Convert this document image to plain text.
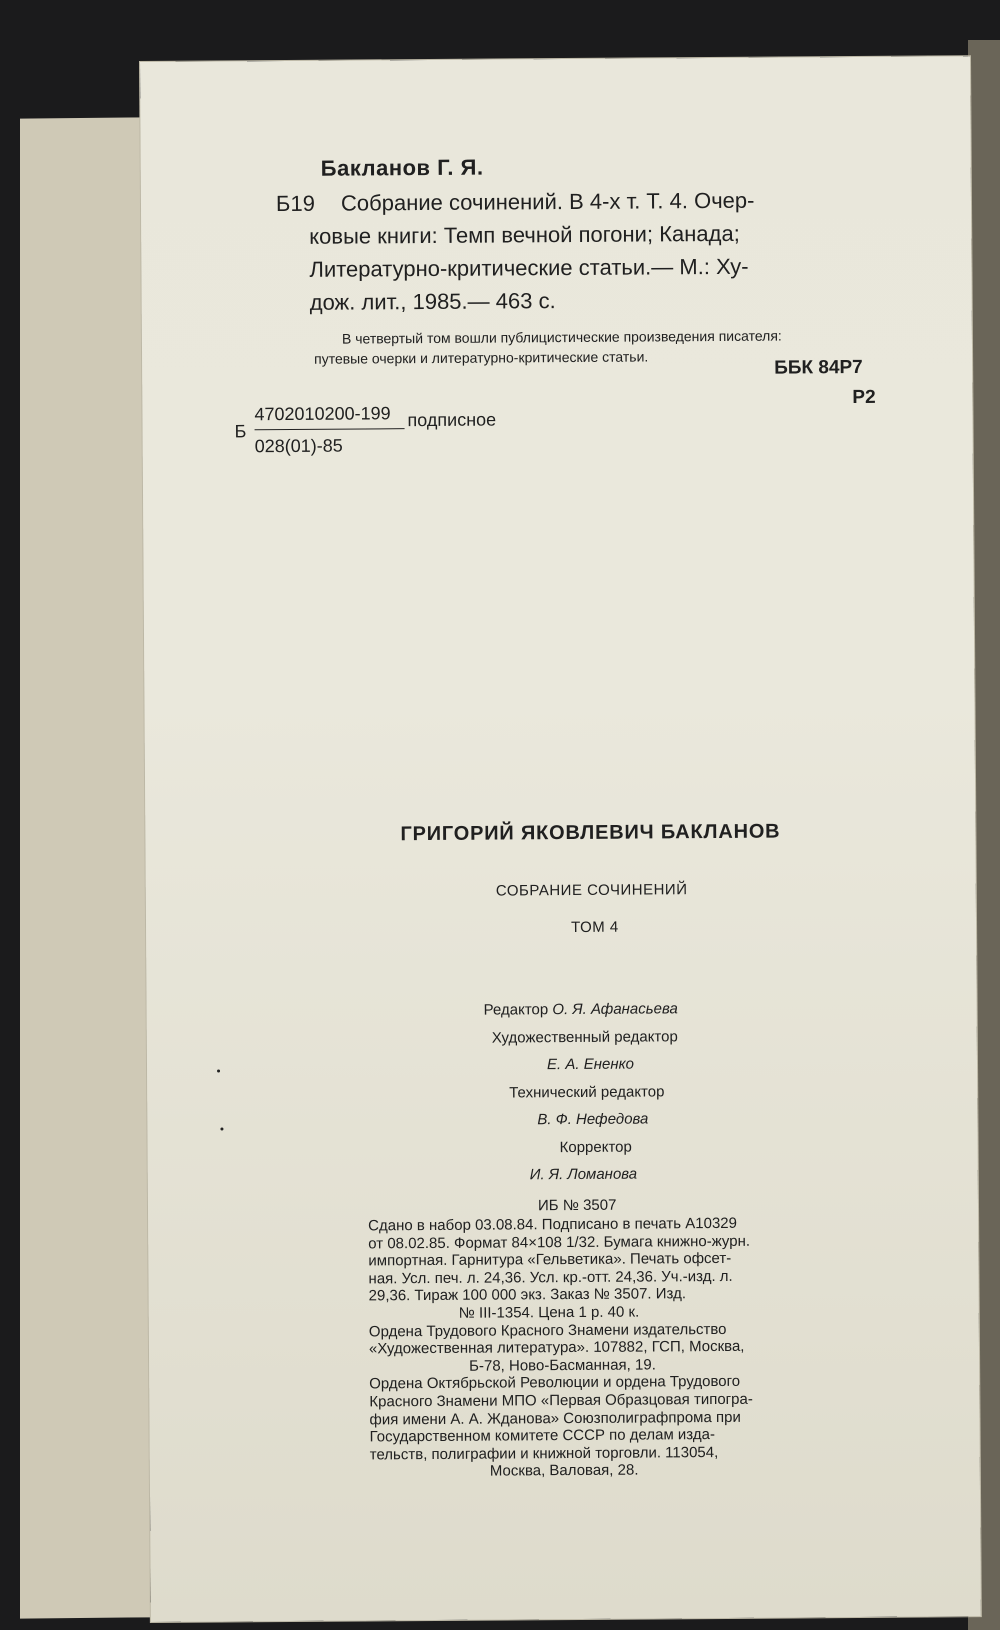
Бакланов Г. Я.

Б19 Собрание сочинений. В 4-х т. Т. 4. Очер-

ковые книги: Темп вечной погони; Канада;

Литературно-критические статьи.— М.: Ху-

дож. лит., 1985.— 463 с.

В четвертый том вошли публицистические произведения писателя:

путевые очерки и литературно-критические статьи.	ББК 84Р7

Р2

Б

4702010200-199

028(01)-85

подписное

ГРИГОРИЙ ЯКОВЛЕВИЧ БАКЛАНОВ

СОБРАНИЕ СОЧИНЕНИЙ

ТОМ 4

Редактор О. Я. Афанасьева

Художественный редактор

Е. А. Ененко

Технический редактор

В. Ф. Нефедова

Корректор

И. Я. Ломанова

ИБ № 3507

Сдано в набор 03.08.84. Подписано в печать А10329
от 08.02.85. Формат 84×108 1/32. Бумага книжно-журн.
импортная. Гарнитура «Гельветика». Печать офсет-
ная. Усл. печ. л. 24,36. Усл. кр.-отт. 24,36. Уч.-изд. л.
29,36. Тираж 100 000 экз. Заказ № 3507. Изд.
№ III-1354. Цена 1 р. 40 к.
Ордена Трудового Красного Знамени издательство
«Художественная литература». 107882, ГСП, Москва,
Б-78, Ново-Басманная, 19.
Ордена Октябрьской Революции и ордена Трудового
Красного Знамени МПО «Первая Образцовая типогра-
фия имени А. А. Жданова» Союзполиграфпрома при
Государственном комитете СССР по делам изда-
тельств, полиграфии и книжной торговли. 113054,
Москва, Валовая, 28.
